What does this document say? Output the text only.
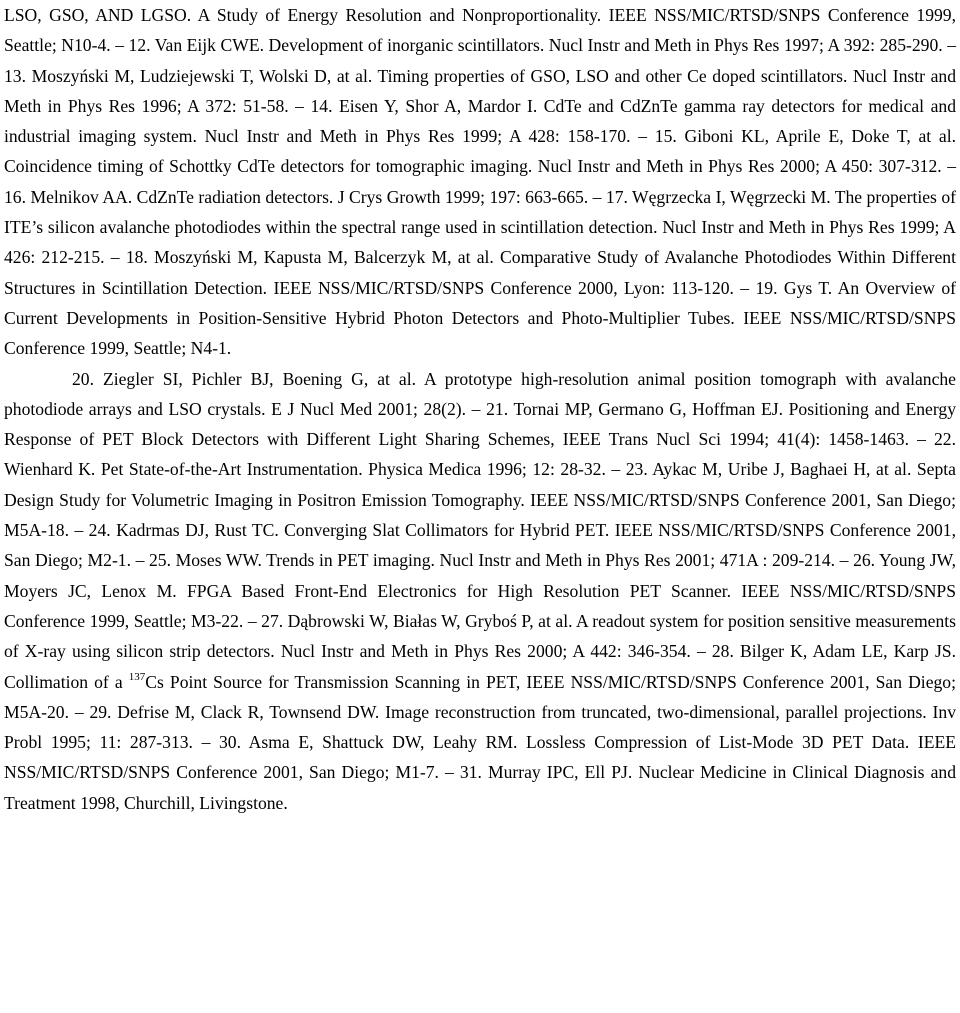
LSO, GSO, AND LGSO. A Study of Energy Resolution and Nonproportionality. IEEE NSS/MIC/RTSD/SNPS Conference 1999, Seattle; N10-4. – 12. Van Eijk CWE. Development of inorganic scintillators. Nucl Instr and Meth in Phys Res 1997; A 392: 285-290. – 13. Moszyński M, Ludziejewski T, Wolski D, at al. Timing properties of GSO, LSO and other Ce doped scintillators. Nucl Instr and Meth in Phys Res 1996; A 372: 51-58. – 14. Eisen Y, Shor A, Mardor I. CdTe and CdZnTe gamma ray detectors for medical and industrial imaging system. Nucl Instr and Meth in Phys Res 1999; A 428: 158-170. – 15. Giboni KL, Aprile E, Doke T, at al. Coincidence timing of Schottky CdTe detectors for tomographic imaging. Nucl Instr and Meth in Phys Res 2000; A 450: 307-312. – 16. Melnikov AA. CdZnTe radiation detectors. J Crys Growth 1999; 197: 663-665. – 17. Węgrzecka I, Węgrzecki M. The properties of ITE’s silicon avalanche photodiodes within the spectral range used in scintillation detection. Nucl Instr and Meth in Phys Res 1999; A 426: 212-215. – 18. Moszyński M, Kapusta M, Balcerzyk M, at al. Comparative Study of Avalanche Photodiodes Within Different Structures in Scintillation Detection. IEEE NSS/MIC/RTSD/SNPS Conference 2000, Lyon: 113-120. – 19. Gys T. An Overview of Current Developments in Position-Sensitive Hybrid Photon Detectors and Photo-Multiplier Tubes. IEEE NSS/MIC/RTSD/SNPS Conference 1999, Seattle; N4-1.

20. Ziegler SI, Pichler BJ, Boening G, at al. A prototype high-resolution animal position tomograph with avalanche photodiode arrays and LSO crystals. E J Nucl Med 2001; 28(2). – 21. Tornai MP, Germano G, Hoffman EJ. Positioning and Energy Response of PET Block Detectors with Different Light Sharing Schemes, IEEE Trans Nucl Sci 1994; 41(4): 1458-1463. – 22. Wienhard K. Pet State-of-the-Art Instrumentation. Physica Medica 1996; 12: 28-32. – 23. Aykac M, Uribe J, Baghaei H, at al. Septa Design Study for Volumetric Imaging in Positron Emission Tomography. IEEE NSS/MIC/RTSD/SNPS Conference 2001, San Diego; M5A-18. – 24. Kadrmas DJ, Rust TC. Converging Slat Collimators for Hybrid PET. IEEE NSS/MIC/RTSD/SNPS Conference 2001, San Diego; M2-1. – 25. Moses WW. Trends in PET imaging. Nucl Instr and Meth in Phys Res 2001; 471A : 209-214. – 26. Young JW, Moyers JC, Lenox M. FPGA Based Front-End Electronics for High Resolution PET Scanner. IEEE NSS/MIC/RTSD/SNPS Conference 1999, Seattle; M3-22. – 27. Dąbrowski W, Białas W, Gryboś P, at al. A readout system for position sensitive measurements of X-ray using silicon strip detectors. Nucl Instr and Meth in Phys Res 2000; A 442: 346-354. – 28. Bilger K, Adam LE, Karp JS. Collimation of a $^{137}$Cs Point Source for Transmission Scanning in PET, IEEE NSS/MIC/RTSD/SNPS Conference 2001, San Diego; M5A-20. – 29. Defrise M, Clack R, Townsend DW. Image reconstruction from truncated, two-dimensional, parallel projections. Inv Probl 1995; 11: 287-313. – 30. Asma E, Shattuck DW, Leahy RM. Lossless Compression of List-Mode 3D PET Data. IEEE NSS/MIC/RTSD/SNPS Conference 2001, San Diego; M1-7. – 31. Murray IPC, Ell PJ. Nuclear Medicine in Clinical Diagnosis and Treatment 1998, Churchill, Livingstone.
